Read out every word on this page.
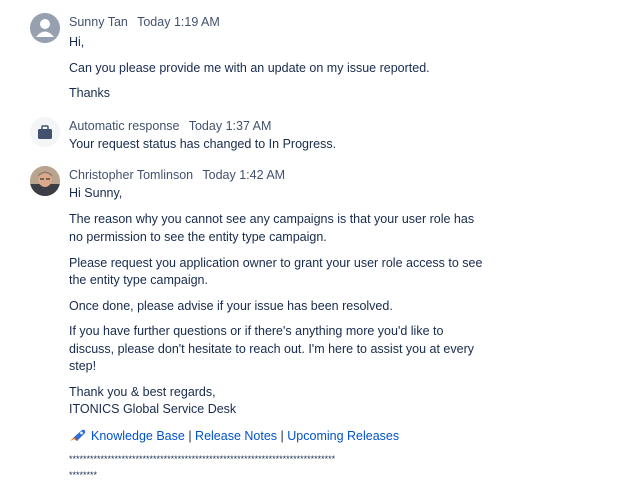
Sunny Tan Today 1:19 AM
Hi,
Can you please provide me with an update on my issue reported.
Thanks
Automatic response Today 1:37 AM
Your request status has changed to In Progress.
Christopher Tomlinson Today 1:42 AM
Hi Sunny,
The reason why you cannot see any campaigns is that your user role has
no permission to see the entity type campaign.
Please request you application owner to grant your user role access to see
the entity type campaign.
Once done, please advise if your issue has been resolved.
If you have further questions or if there's anything more you'd like to
discuss, please don't hesitate to reach out. I'm here to assist you at every
step!
Thank you & best regards,
ITONICS Global Service Desk
Knowledge Base | Release Notes | Upcoming Releases
****************************************************************************
********
